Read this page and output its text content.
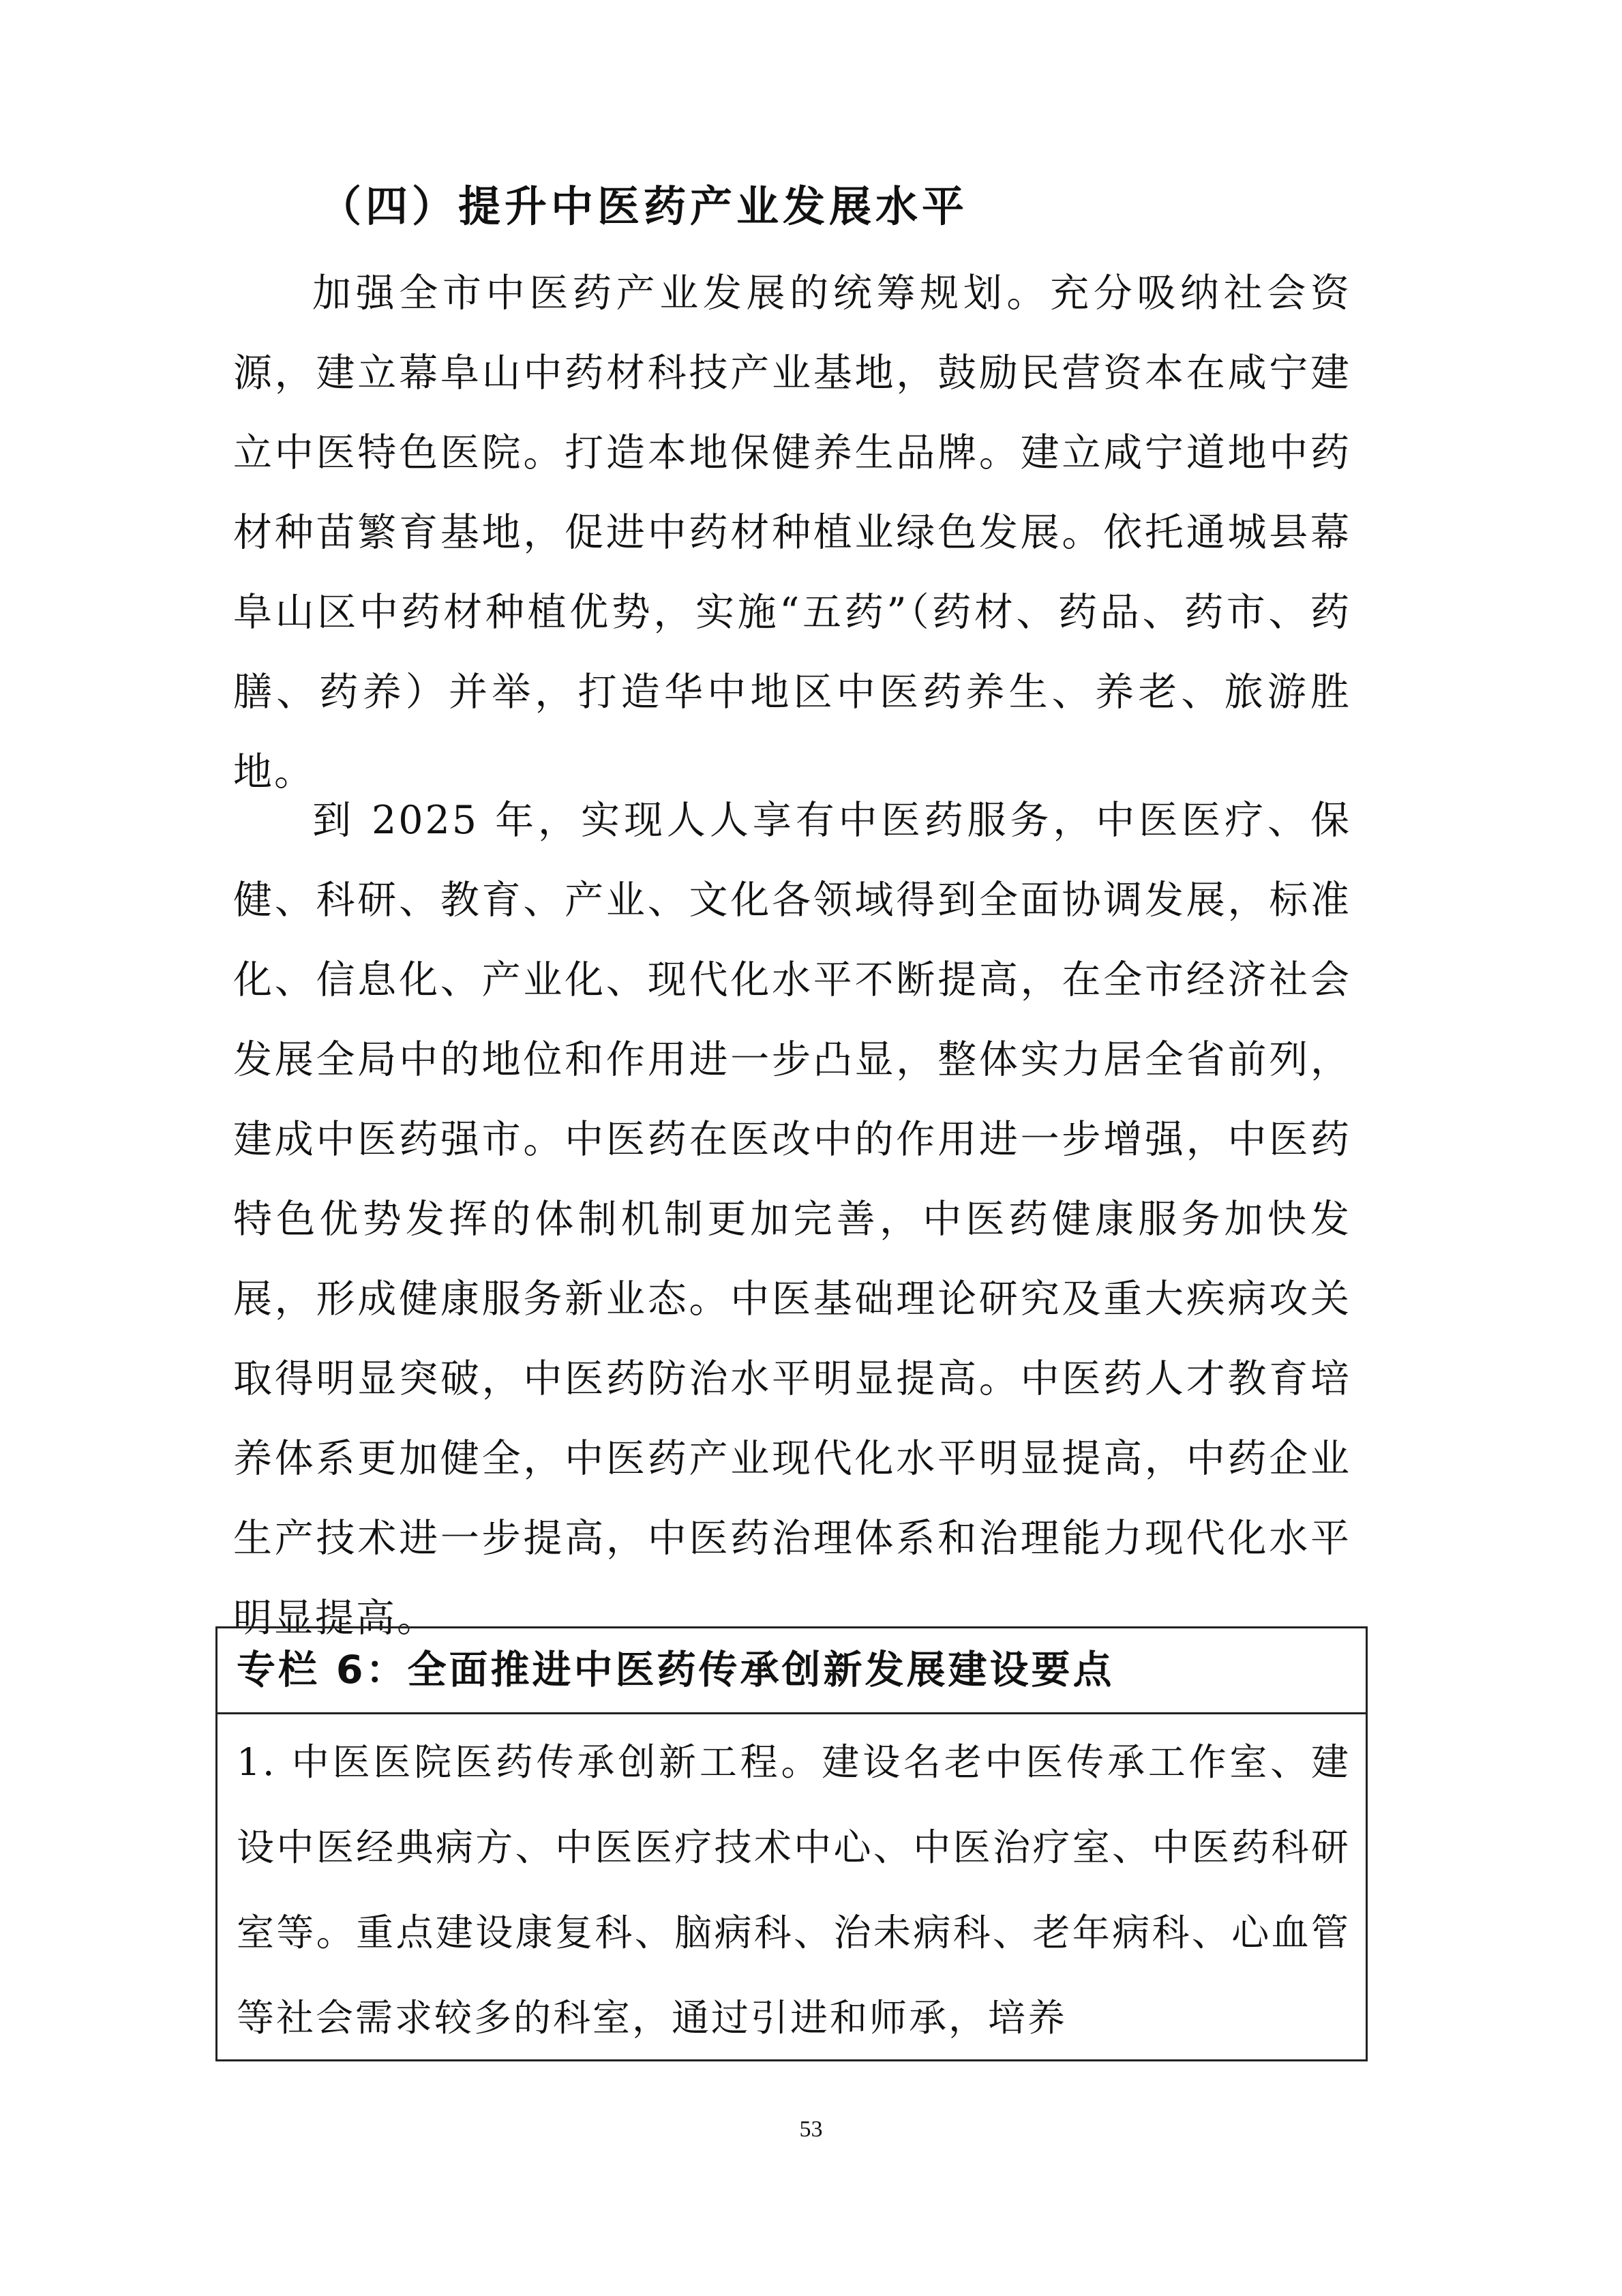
（四）提升中医药产业发展水平

加强全市中医药产业发展的统筹规划。充分吸纳社会资源，建立幕阜山中药材科技产业基地，鼓励民营资本在咸宁建立中医特色医院。打造本地保健养生品牌。建立咸宁道地中药材种苗繁育基地，促进中药材种植业绿色发展。依托通城县幕阜山区中药材种植优势，实施“五药”（药材、药品、药市、药膳、药养）并举，打造华中地区中医药养生、养老、旅游胜地。

到 2025 年，实现人人享有中医药服务，中医医疗、保健、科研、教育、产业、文化各领域得到全面协调发展，标准化、信息化、产业化、现代化水平不断提高，在全市经济社会发展全局中的地位和作用进一步凸显，整体实力居全省前列，建成中医药强市。中医药在医改中的作用进一步增强，中医药特色优势发挥的体制机制更加完善，中医药健康服务加快发展，形成健康服务新业态。中医基础理论研究及重大疾病攻关取得明显突破，中医药防治水平明显提高。中医药人才教育培养体系更加健全，中医药产业现代化水平明显提高，中药企业生产技术进一步提高，中医药治理体系和治理能力现代化水平明显提高。

专栏 6：全面推进中医药传承创新发展建设要点

1. 中医医院医药传承创新工程。建设名老中医传承工作室、建设中医经典病方、中医医疗技术中心、中医治疗室、中医药科研室等。重点建设康复科、脑病科、治未病科、老年病科、心血管等社会需求较多的科室，通过引进和师承，培养

53
